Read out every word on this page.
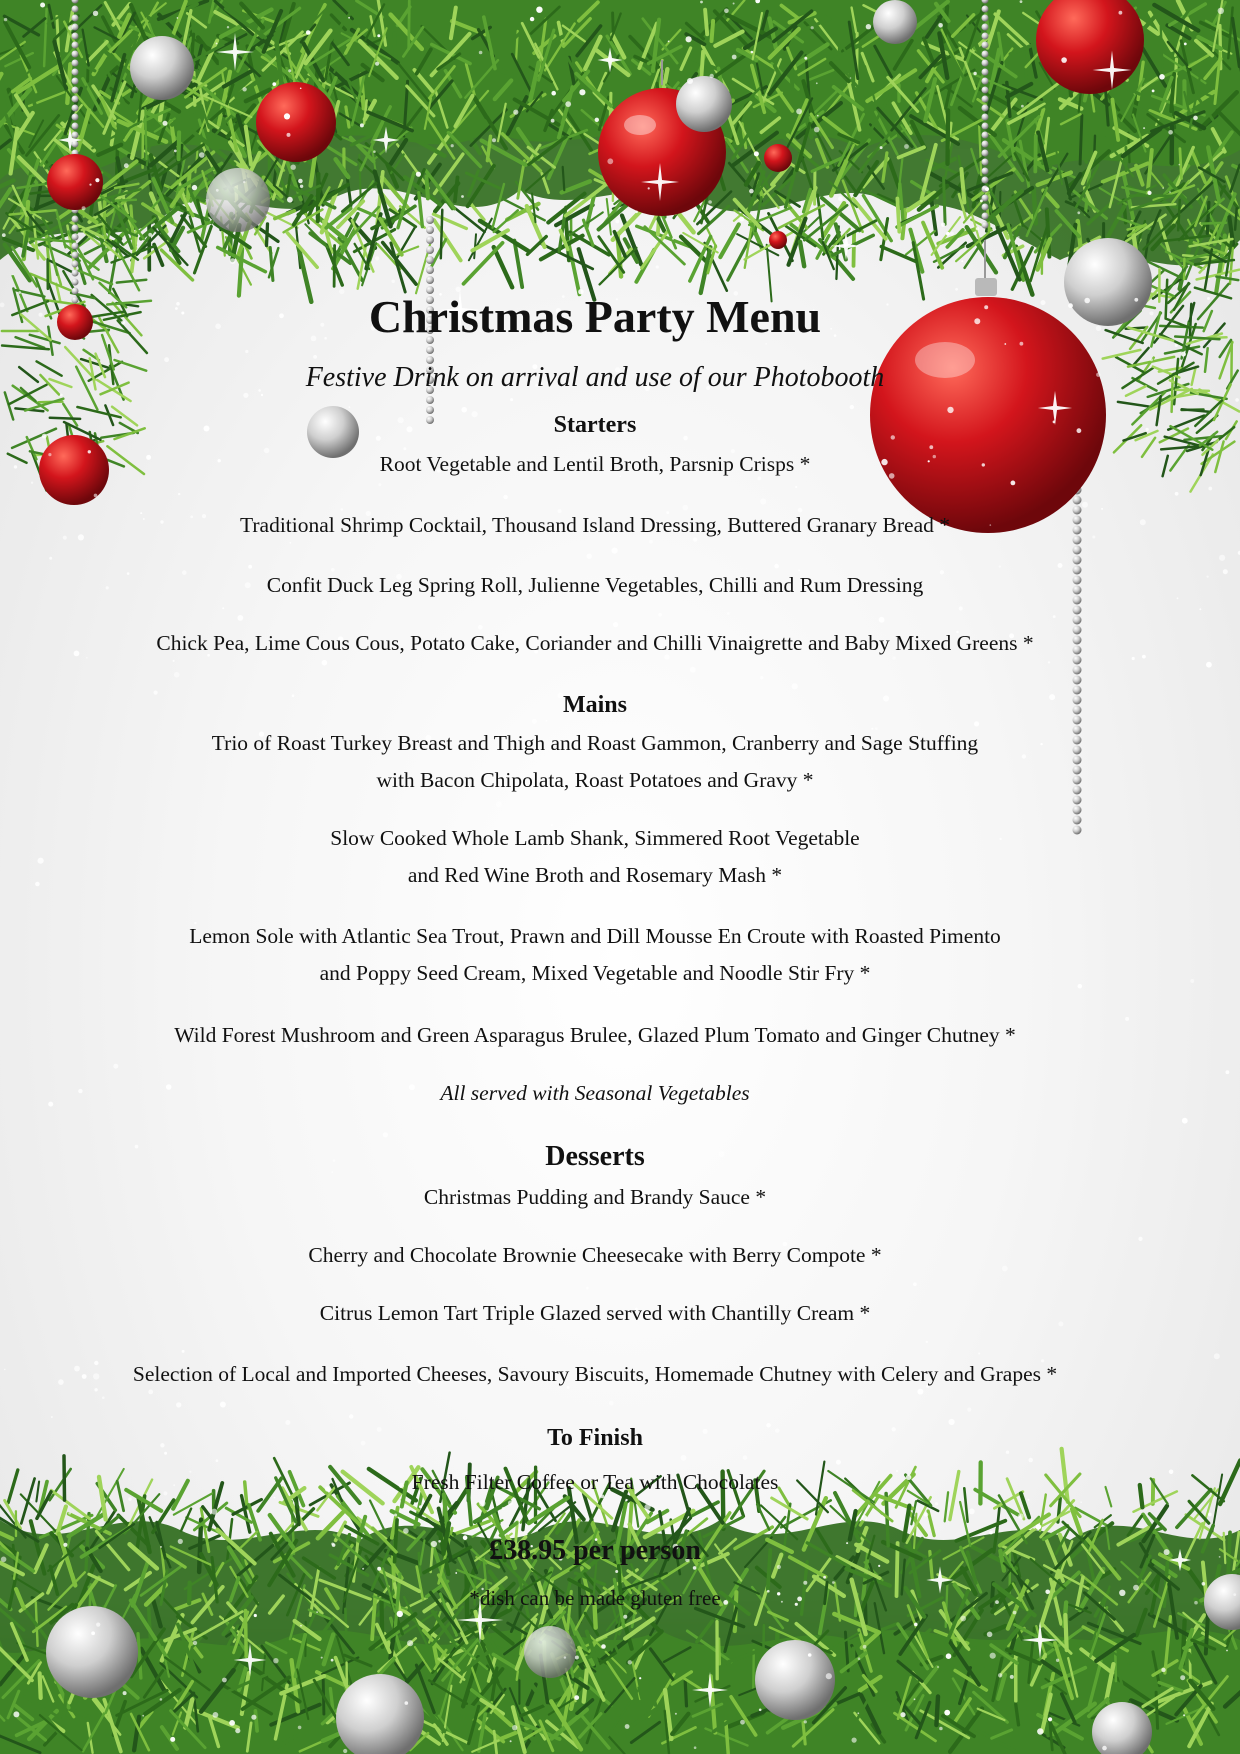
Christmas Party Menu
Festive Drink on arrival and use of our Photobooth
Starters
Root Vegetable and Lentil Broth, Parsnip Crisps *
Traditional Shrimp Cocktail, Thousand Island Dressing, Buttered Granary Bread *
Confit Duck Leg Spring Roll, Julienne Vegetables, Chilli and Rum Dressing
Chick Pea, Lime Cous Cous, Potato Cake, Coriander and Chilli Vinaigrette and Baby Mixed Greens *
Mains
Trio of Roast Turkey Breast and Thigh and Roast Gammon, Cranberry and Sage Stuffing
with Bacon Chipolata, Roast Potatoes and Gravy *
Slow Cooked Whole Lamb Shank, Simmered Root Vegetable
and Red Wine Broth and Rosemary Mash *
Lemon Sole with Atlantic Sea Trout, Prawn and Dill Mousse En Croute with Roasted Pimento
and Poppy Seed Cream, Mixed Vegetable and Noodle Stir Fry *
Wild Forest Mushroom and Green Asparagus Brulee, Glazed Plum Tomato and Ginger Chutney *
All served with Seasonal Vegetables
Desserts
Christmas Pudding and Brandy Sauce *
Cherry and Chocolate Brownie Cheesecake with Berry Compote *
Citrus Lemon Tart Triple Glazed served with Chantilly Cream *
Selection of Local and Imported Cheeses, Savoury Biscuits, Homemade Chutney with Celery and Grapes *
To Finish
Fresh Filter Coffee or Tea with Chocolates
£38.95 per person
*dish can be made gluten free
